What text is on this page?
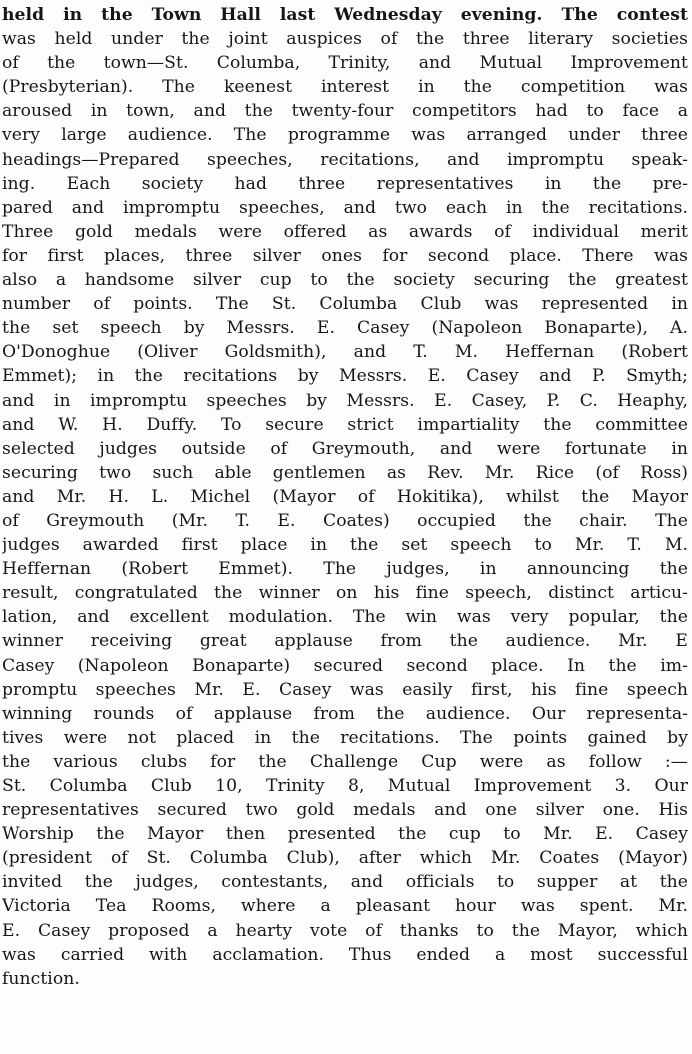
held in the Town Hall last Wednesday evening. The contest
was held under the joint auspices of the three literary societies
of the town—St. Columba, Trinity, and Mutual Improvement
(Presbyterian). The keenest interest in the competition was
aroused in town, and the twenty-four competitors had to face a
very large audience. The programme was arranged under three
headings—Prepared speeches, recitations, and impromptu speak-
ing. Each society had three representatives in the pre-
pared and impromptu speeches, and two each in the recitations.
Three gold medals were offered as awards of individual merit
for first places, three silver ones for second place. There was
also a handsome silver cup to the society securing the greatest
number of points. The St. Columba Club was represented in
the set speech by Messrs. E. Casey (Napoleon Bonaparte), A.
O'Donoghue (Oliver Goldsmith), and T. M. Heffernan (Robert
Emmet); in the recitations by Messrs. E. Casey and P. Smyth;
and in impromptu speeches by Messrs. E. Casey, P. C. Heaphy,
and W. H. Duffy. To secure strict impartiality the committee
selected judges outside of Greymouth, and were fortunate in
securing two such able gentlemen as Rev. Mr. Rice (of Ross)
and Mr. H. L. Michel (Mayor of Hokitika), whilst the Mayor
of Greymouth (Mr. T. E. Coates) occupied the chair. The
judges awarded first place in the set speech to Mr. T. M.
Heffernan (Robert Emmet). The judges, in announcing the
result, congratulated the winner on his fine speech, distinct articu-
lation, and excellent modulation. The win was very popular, the
winner receiving great applause from the audience. Mr. E
Casey (Napoleon Bonaparte) secured second place. In the im-
promptu speeches Mr. E. Casey was easily first, his fine speech
winning rounds of applause from the audience. Our representa-
tives were not placed in the recitations. The points gained by
the various clubs for the Challenge Cup were as follow :—
St. Columba Club 10, Trinity 8, Mutual Improvement 3. Our
representatives secured two gold medals and one silver one. His
Worship the Mayor then presented the cup to Mr. E. Casey
(president of St. Columba Club), after which Mr. Coates (Mayor)
invited the judges, contestants, and officials to supper at the
Victoria Tea Rooms, where a pleasant hour was spent. Mr.
E. Casey proposed a hearty vote of thanks to the Mayor, which
was carried with acclamation. Thus ended a most successful
function.
